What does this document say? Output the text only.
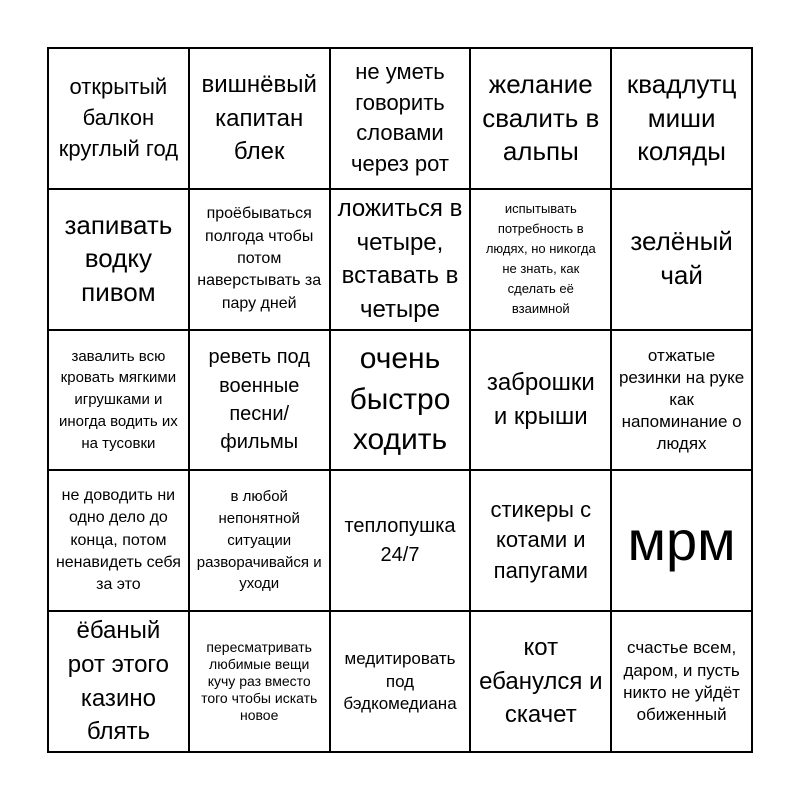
открытый балкон круглый год
вишнёвый капитан блек
не уметь говорить словами через рот
желание свалить в альпы
квадлутц миши коляды
запивать водку пивом
проёбываться полгода чтобы потом наверстывать за пару дней
ложиться в четыре, вставать в четыре
испытывать потребность в людях, но никогда не знать, как сделать её взаимной
зелёный чай
завалить всю кровать мягкими игрушками и иногда водить их на тусовки
реветь под военные песни/фильмы
очень быстро ходить
заброшки и крыши
отжатые резинки на руке как напоминание о людях
не доводить ни одно дело до конца, потом ненавидеть себя за это
в любой непонятной ситуации разворачивайся и уходи
теплопушка 24/7
стикеры с котами и папугами мрм
ёбаный рот этого казино блять
пересматривать любимые вещи кучу раз вместо того чтобы искать новое
медитировать под бэдкомедиана
кот ебанулся и скачет
счастье всем, даром, и пусть никто не уйдёт обиженный
